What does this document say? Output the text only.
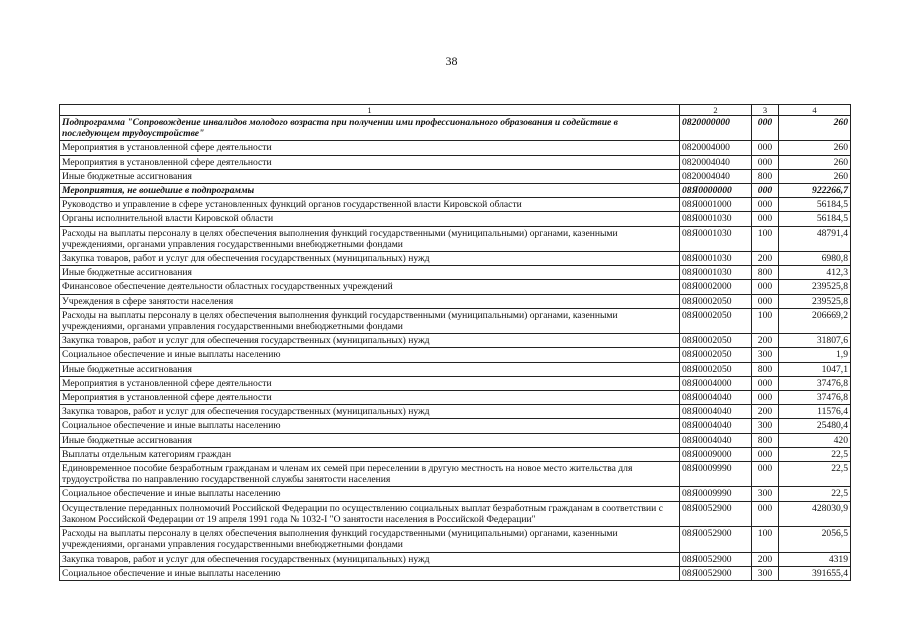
38
1	2	3	4
Подпрограмма "Сопровождение инвалидов молодого возраста при получении ими профессионального образования и содействие в последующем трудоустройстве"	0820000000	000	260
Мероприятия в установленной сфере деятельности	0820004000	000	260
Мероприятия в установленной сфере деятельности	0820004040	000	260
Иные бюджетные ассигнования	0820004040	800	260
Мероприятия, не вошедшие в подпрограммы	08Я0000000	000	922266,7
Руководство и управление в сфере установленных функций органов государственной власти Кировской области	08Я0001000	000	56184,5
Органы исполнительной власти Кировской области	08Я0001030	000	56184,5
Расходы на выплаты персоналу в целях обеспечения выполнения функций государственными (муниципальными) органами, казенными учреждениями, органами управления государственными внебюджетными фондами	08Я0001030	100	48791,4
Закупка товаров, работ и услуг для обеспечения государственных (муниципальных) нужд	08Я0001030	200	6980,8
Иные бюджетные ассигнования	08Я0001030	800	412,3
Финансовое обеспечение деятельности областных государственных учреждений	08Я0002000	000	239525,8
Учреждения в сфере занятости населения	08Я0002050	000	239525,8
Расходы на выплаты персоналу в целях обеспечения выполнения функций государственными (муниципальными) органами, казенными учреждениями, органами управления государственными внебюджетными фондами	08Я0002050	100	206669,2
Закупка товаров, работ и услуг для обеспечения государственных (муниципальных) нужд	08Я0002050	200	31807,6
Социальное обеспечение и иные выплаты населению	08Я0002050	300	1,9
Иные бюджетные ассигнования	08Я0002050	800	1047,1
Мероприятия в установленной сфере деятельности	08Я0004000	000	37476,8
Мероприятия в установленной сфере деятельности	08Я0004040	000	37476,8
Закупка товаров, работ и услуг для обеспечения государственных (муниципальных) нужд	08Я0004040	200	11576,4
Социальное обеспечение и иные выплаты населению	08Я0004040	300	25480,4
Иные бюджетные ассигнования	08Я0004040	800	420
Выплаты отдельным категориям граждан	08Я0009000	000	22,5
Единовременное пособие безработным гражданам и членам их семей при переселении в другую местность на новое место жительства для трудоустройства по направлению государственной службы занятости населения	08Я0009990	000	22,5
Социальное обеспечение и иные выплаты населению	08Я0009990	300	22,5
Осуществление переданных полномочий Российской Федерации по осуществлению социальных выплат безработным гражданам в соответствии с Законом Российской Федерации от 19 апреля 1991 года № 1032-I "О занятости населения в Российской Федерации"	08Я0052900	000	428030,9
Расходы на выплаты персоналу в целях обеспечения выполнения функций государственными (муниципальными) органами, казенными учреждениями, органами управления государственными внебюджетными фондами	08Я0052900	100	2056,5
Закупка товаров, работ и услуг для обеспечения государственных (муниципальных) нужд	08Я0052900	200	4319
Социальное обеспечение и иные выплаты населению	08Я0052900	300	391655,4
